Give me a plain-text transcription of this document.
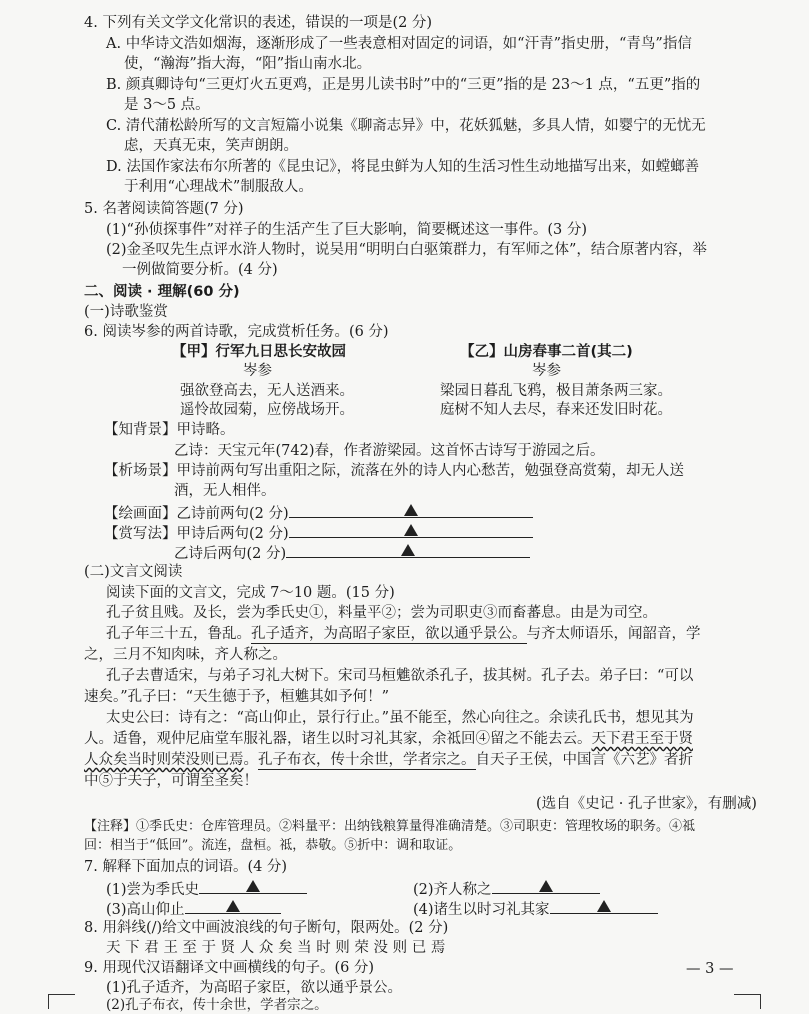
4. 下列有关文学文化常识的表述，错误的一项是(2 分)
A. 中华诗文浩如烟海，逐渐形成了一些表意相对固定的词语，如“汗青”指史册，“青鸟”指信
使，“瀚海”指大海，“阳”指山南水北。
B. 颜真卿诗句“三更灯火五更鸡，正是男儿读书时”中的“三更”指的是 23～1 点，“五更”指的
是 3～5 点。
C. 清代蒲松龄所写的文言短篇小说集《聊斋志异》中，花妖狐魅，多具人情，如婴宁的无忧无
虑，天真无束，笑声朗朗。
D. 法国作家法布尔所著的《昆虫记》，将昆虫鲜为人知的生活习性生动地描写出来，如螳螂善
于利用“心理战术”制服敌人。
5. 名著阅读简答题(7 分)
(1)“孙侦探事件”对祥子的生活产生了巨大影响，简要概述这一事件。(3 分)
(2)金圣叹先生点评水浒人物时，说吴用“明明白白驱策群力，有军师之体”，结合原著内容，举
一例做简要分析。(4 分)
二、阅读 · 理解(60 分)
(一)诗歌鉴赏
6. 阅读岑参的两首诗歌，完成赏析任务。(6 分)
【甲】行军九日思长安故园
岑参
强欲登高去，无人送酒来。
遥怜故园菊，应傍战场开。
【乙】山房春事二首(其二)
岑参
梁园日暮乱飞鸦，极目萧条两三家。
庭树不知人去尽，春来还发旧时花。
【知背景】甲诗略。
乙诗：天宝元年(742)春，作者游梁园。这首怀古诗写于游园之后。
【析场景】甲诗前两句写出重阳之际，流落在外的诗人内心愁苦，勉强登高赏菊，却无人送
酒，无人相伴。
【绘画面】乙诗前两句(2 分)
【赏写法】甲诗后两句(2 分)
乙诗后两句(2 分)
(二)文言文阅读
阅读下面的文言文，完成 7～10 题。(15 分)
孔子贫且贱。及长，尝为季氏史①，料量平②；尝为司职吏③而畜蕃息。由是为司空。
孔子年三十五，鲁乱。孔子适齐，为高昭子家臣，欲以通乎景公。与齐太师语乐，闻韶音，学
之，三月不知肉味，齐人称之。
孔子去曹适宋，与弟子习礼大树下。宋司马桓魋欲杀孔子，拔其树。孔子去。弟子曰：“可以
速矣。”孔子曰：“天生德于予，桓魋其如予何！”
太史公曰：诗有之：“高山仰止，景行行止。”虽不能至，然心向往之。余读孔氏书，想见其为
人。适鲁，观仲尼庙堂车服礼器，诸生以时习礼其家，余祗回④留之不能去云。天下君王至于贤
人众矣当时则荣没则已焉。孔子布衣，传十余世，学者宗之。自天子王侯，中国言《六艺》者折
中⑤于夫子，可谓至圣矣！
(选自《史记 · 孔子世家》，有删减)
【注释】①季氏史：仓库管理员。②料量平：出纳钱粮算量得准确清楚。③司职吏：管理牧场的职务。④祗
回：相当于“低回”。流连，盘桓。祗，恭敬。⑤折中：调和取证。
7. 解释下面加点的词语。(4 分)
(1)尝为季氏史	(2)齐人称之
(3)高山仰止	(4)诸生以时习礼其家
8. 用斜线(/)给文中画波浪线的句子断句，限两处。(2 分)
天 下 君 王 至 于 贤 人 众 矣 当 时 则 荣 没 则 已 焉
9. 用现代汉语翻译文中画横线的句子。(6 分)
(1)孔子适齐，为高昭子家臣，欲以通乎景公。
(2)孔子布衣，传十余世，学者宗之。
— 3 —
